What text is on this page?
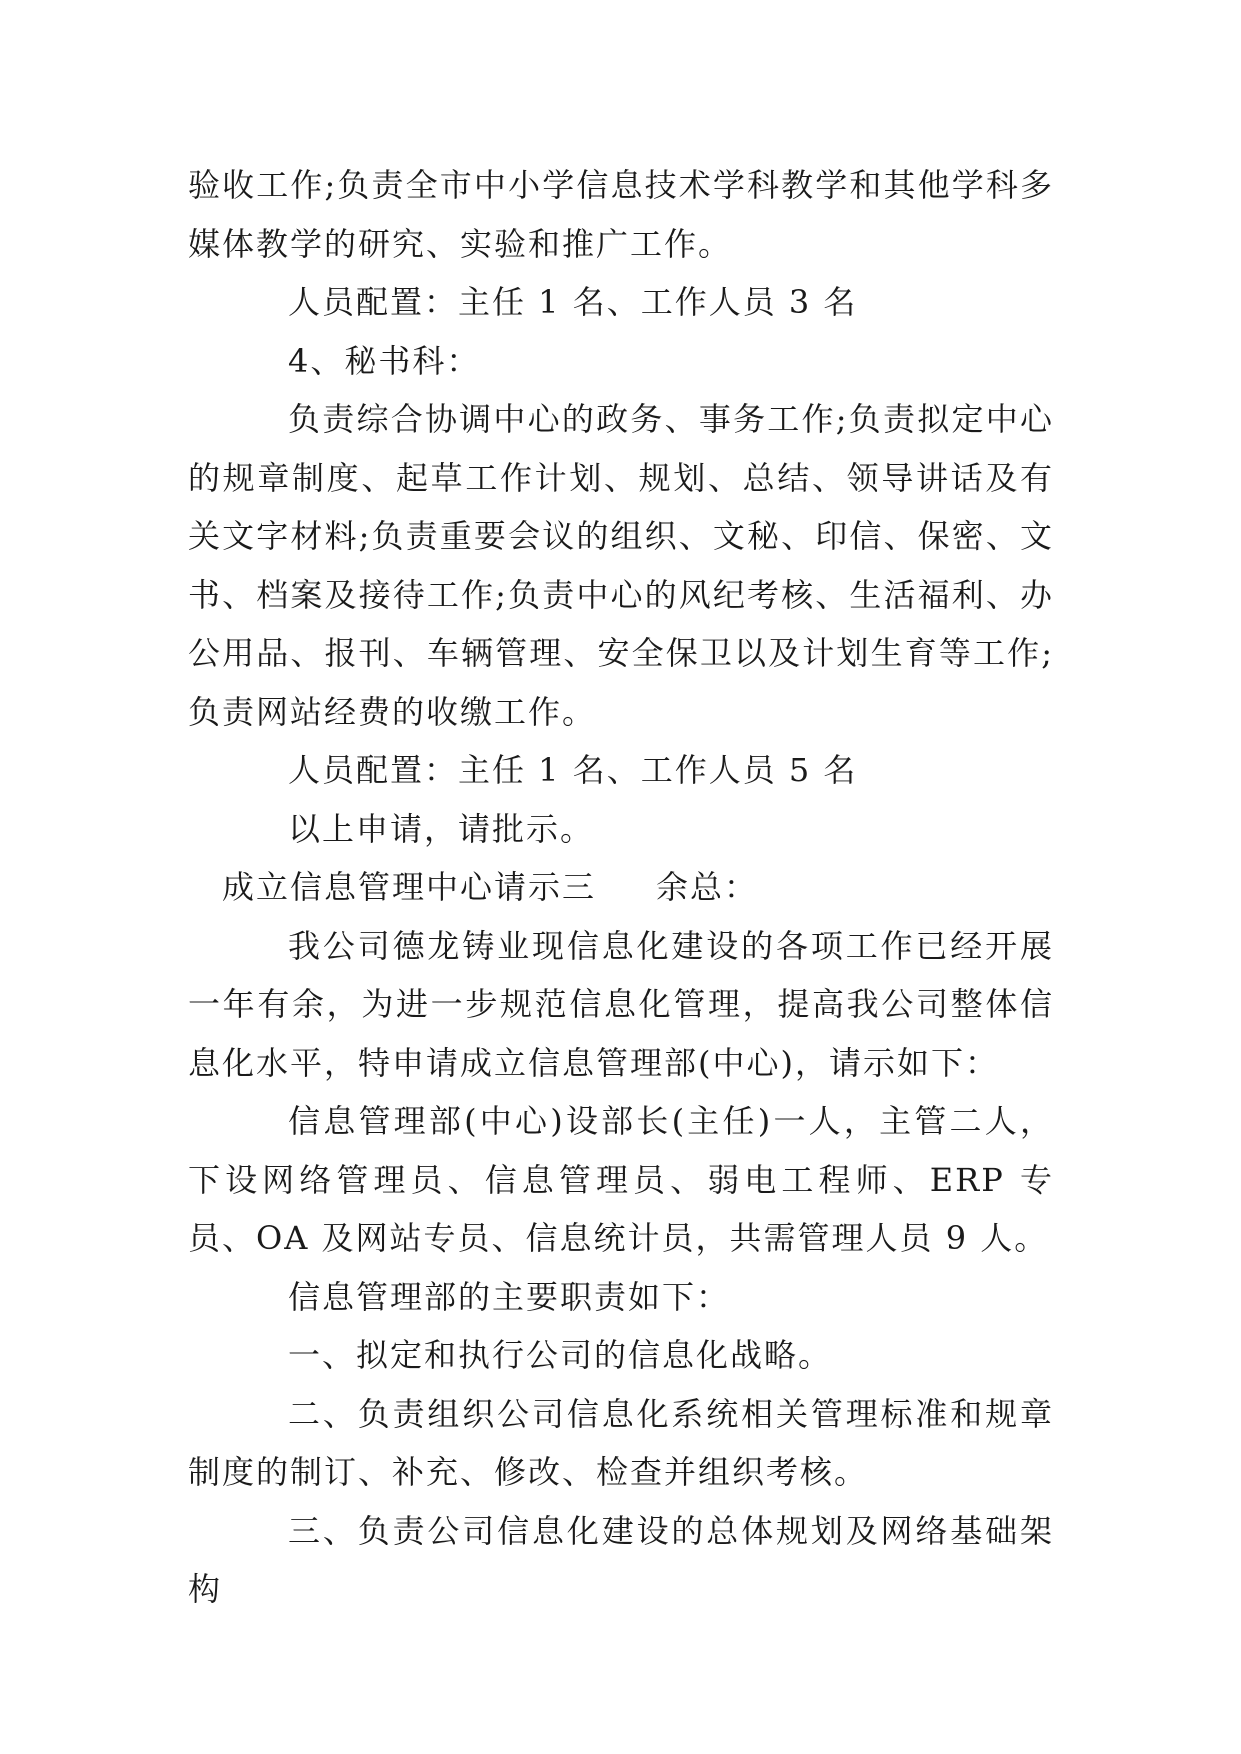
验收工作;负责全市中小学信息技术学科教学和其他学科多媒体教学的研究、实验和推广工作。

人员配置：主任 1 名、工作人员 3 名

4、秘书科：

负责综合协调中心的政务、事务工作;负责拟定中心的规章制度、起草工作计划、规划、总结、领导讲话及有关文字材料;负责重要会议的组织、文秘、印信、保密、文书、档案及接待工作;负责中心的风纪考核、生活福利、办公用品、报刊、车辆管理、安全保卫以及计划生育等工作;负责网站经费的收缴工作。

人员配置：主任 1 名、工作人员 5 名

以上申请，请批示。

成立信息管理中心请示三 余总：

我公司德龙铸业现信息化建设的各项工作已经开展一年有余，为进一步规范信息化管理，提高我公司整体信息化水平，特申请成立信息管理部(中心)，请示如下：

信息管理部(中心)设部长(主任)一人，主管二人，下设网络管理员、信息管理员、弱电工程师、ERP 专员、OA 及网站专员、信息统计员，共需管理人员 9 人。

信息管理部的主要职责如下：

一、拟定和执行公司的信息化战略。

二、负责组织公司信息化系统相关管理标准和规章制度的制订、补充、修改、检查并组织考核。

三、负责公司信息化建设的总体规划及网络基础架构
